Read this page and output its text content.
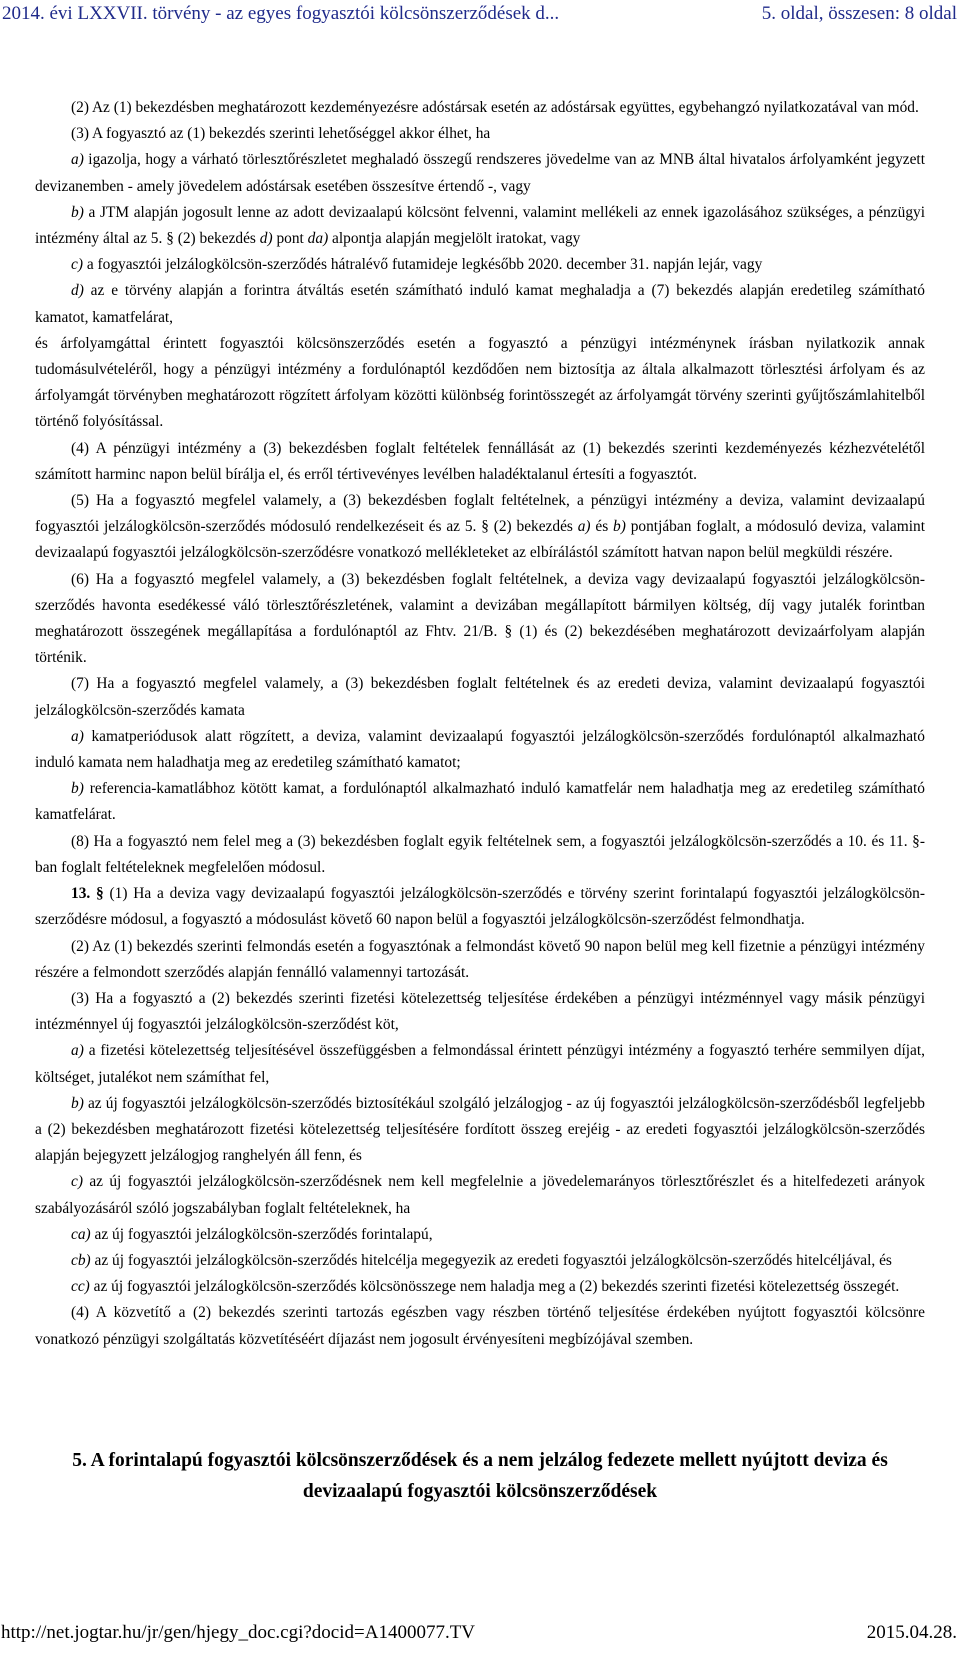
2014. évi LXXVII. törvény - az egyes fogyasztói kölcsönszerződések d...	5. oldal, összesen: 8 oldal

(2) Az (1) bekezdésben meghatározott kezdeményezésre adóstársak esetén az adóstársak együttes, egybehangzó nyilatkozatával van mód.

(3) A fogyasztó az (1) bekezdés szerinti lehetőséggel akkor élhet, ha

a) igazolja, hogy a várható törlesztőrészletet meghaladó összegű rendszeres jövedelme van az MNB által hivatalos árfolyamként jegyzett devizanemben - amely jövedelem adóstársak esetében összesítve értendő -, vagy

b) a JTM alapján jogosult lenne az adott devizaalapú kölcsönt felvenni, valamint mellékeli az ennek igazolásához szükséges, a pénzügyi intézmény által az 5. § (2) bekezdés d) pont da) alpontja alapján megjelölt iratokat, vagy

c) a fogyasztói jelzálogkölcsön-szerződés hátralévő futamideje legkésőbb 2020. december 31. napján lejár, vagy

d) az e törvény alapján a forintra átváltás esetén számítható induló kamat meghaladja a (7) bekezdés alapján eredetileg számítható kamatot, kamatfelárat,

és árfolyamgáttal érintett fogyasztói kölcsönszerződés esetén a fogyasztó a pénzügyi intézménynek írásban nyilatkozik annak tudomásulvételéről, hogy a pénzügyi intézmény a fordulónaptól kezdődően nem biztosítja az általa alkalmazott törlesztési árfolyam és az árfolyamgát törvényben meghatározott rögzített árfolyam közötti különbség forintösszegét az árfolyamgát törvény szerinti gyűjtőszámlahitelből történő folyósítással.

(4) A pénzügyi intézmény a (3) bekezdésben foglalt feltételek fennállását az (1) bekezdés szerinti kezdeményezés kézhezvételétől számított harminc napon belül bírálja el, és erről tértivevényes levélben haladéktalanul értesíti a fogyasztót.

(5) Ha a fogyasztó megfelel valamely, a (3) bekezdésben foglalt feltételnek, a pénzügyi intézmény a deviza, valamint devizaalapú fogyasztói jelzálogkölcsön-szerződés módosuló rendelkezéseit és az 5. § (2) bekezdés a) és b) pontjában foglalt, a módosuló deviza, valamint devizaalapú fogyasztói jelzálogkölcsön-szerződésre vonatkozó mellékleteket az elbírálástól számított hatvan napon belül megküldi részére.

(6) Ha a fogyasztó megfelel valamely, a (3) bekezdésben foglalt feltételnek, a deviza vagy devizaalapú fogyasztói jelzálogkölcsön-szerződés havonta esedékessé váló törlesztőrészletének, valamint a devizában megállapított bármilyen költség, díj vagy jutalék forintban meghatározott összegének megállapítása a fordulónaptól az Fhtv. 21/B. § (1) és (2) bekezdésében meghatározott devizaárfolyam alapján történik.

(7) Ha a fogyasztó megfelel valamely, a (3) bekezdésben foglalt feltételnek és az eredeti deviza, valamint devizaalapú fogyasztói jelzálogkölcsön-szerződés kamata

a) kamatperiódusok alatt rögzített, a deviza, valamint devizaalapú fogyasztói jelzálogkölcsön-szerződés fordulónaptól alkalmazható induló kamata nem haladhatja meg az eredetileg számítható kamatot;

b) referencia-kamatlábhoz kötött kamat, a fordulónaptól alkalmazható induló kamatfelár nem haladhatja meg az eredetileg számítható kamatfelárat.

(8) Ha a fogyasztó nem felel meg a (3) bekezdésben foglalt egyik feltételnek sem, a fogyasztói jelzálogkölcsön-szerződés a 10. és 11. §-ban foglalt feltételeknek megfelelően módosul.

13. § (1) Ha a deviza vagy devizaalapú fogyasztói jelzálogkölcsön-szerződés e törvény szerint forintalapú fogyasztói jelzálogkölcsön-szerződésre módosul, a fogyasztó a módosulást követő 60 napon belül a fogyasztói jelzálogkölcsön-szerződést felmondhatja.

(2) Az (1) bekezdés szerinti felmondás esetén a fogyasztónak a felmondást követő 90 napon belül meg kell fizetnie a pénzügyi intézmény részére a felmondott szerződés alapján fennálló valamennyi tartozását.

(3) Ha a fogyasztó a (2) bekezdés szerinti fizetési kötelezettség teljesítése érdekében a pénzügyi intézménnyel vagy másik pénzügyi intézménnyel új fogyasztói jelzálogkölcsön-szerződést köt,

a) a fizetési kötelezettség teljesítésével összefüggésben a felmondással érintett pénzügyi intézmény a fogyasztó terhére semmilyen díjat, költséget, jutalékot nem számíthat fel,

b) az új fogyasztói jelzálogkölcsön-szerződés biztosítékául szolgáló jelzálogjog - az új fogyasztói jelzálogkölcsön-szerződésből legfeljebb a (2) bekezdésben meghatározott fizetési kötelezettség teljesítésére fordított összeg erejéig - az eredeti fogyasztói jelzálogkölcsön-szerződés alapján bejegyzett jelzálogjog ranghelyén áll fenn, és

c) az új fogyasztói jelzálogkölcsön-szerződésnek nem kell megfelelnie a jövedelemarányos törlesztőrészlet és a hitelfedezeti arányok szabályozásáról szóló jogszabályban foglalt feltételeknek, ha

ca) az új fogyasztói jelzálogkölcsön-szerződés forintalapú,

cb) az új fogyasztói jelzálogkölcsön-szerződés hitelcélja megegyezik az eredeti fogyasztói jelzálogkölcsön-szerződés hitelcéljával, és

cc) az új fogyasztói jelzálogkölcsön-szerződés kölcsönösszege nem haladja meg a (2) bekezdés szerinti fizetési kötelezettség összegét.

(4) A közvetítő a (2) bekezdés szerinti tartozás egészben vagy részben történő teljesítése érdekében nyújtott fogyasztói kölcsönre vonatkozó pénzügyi szolgáltatás közvetítéséért díjazást nem jogosult érvényesíteni megbízójával szemben.

5. A forintalapú fogyasztói kölcsönszerződések és a nem jelzálog fedezete mellett nyújtott deviza és devizaalapú fogyasztói kölcsönszerződések
http://net.jogtar.hu/jr/gen/hjegy_doc.cgi?docid=A1400077.TV	2015.04.28.
